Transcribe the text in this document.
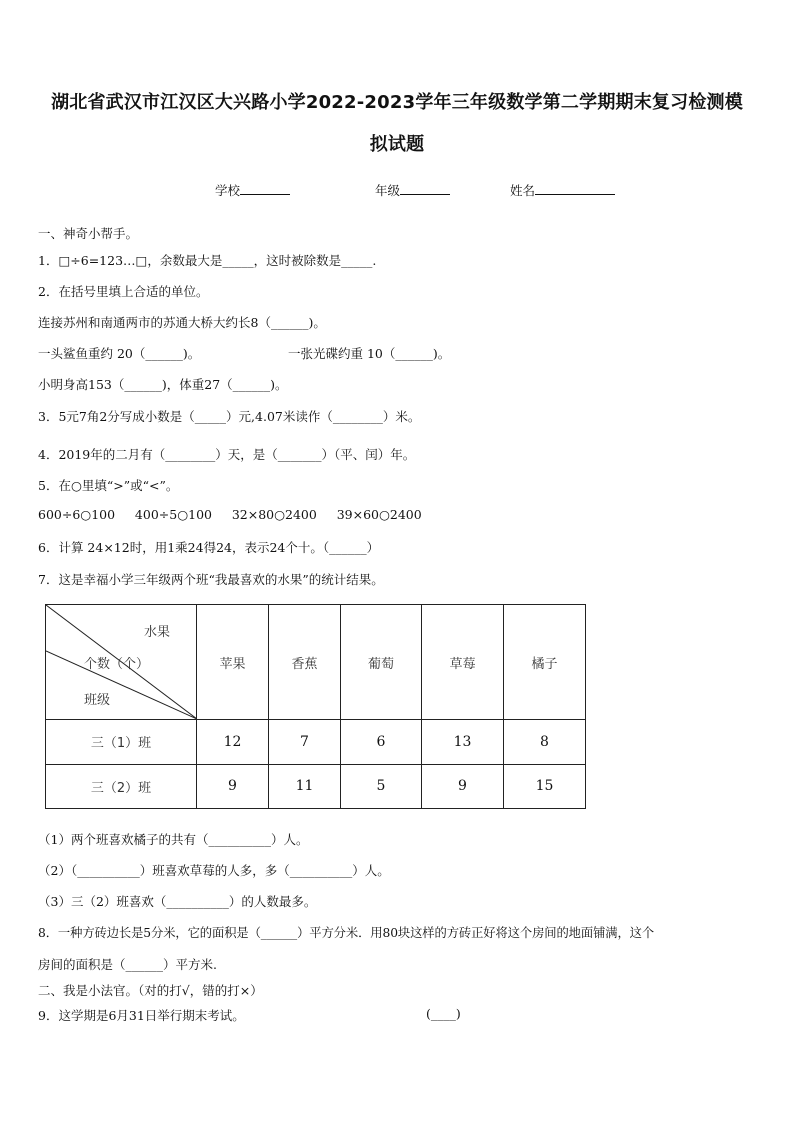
湖北省武汉市江汉区大兴路小学2022-2023学年三年级数学第二学期期末复习检测模
拟试题
学校	年级	姓名
一、神奇小帮手。
1．□÷6=123…□，余数最大是_____，这时被除数是_____.
2．在括号里填上合适的单位。
连接苏州和南通两市的苏通大桥大约长8（______)。
一头鲨鱼重约 20（______)。	一张光碟约重 10（______)。
小明身高153（______)，体重27（______)。
3．5元7角2分写成小数是（_____）元,4.07米读作（________）米。
4．2019年的二月有（________）天，是（_______）（平、闰）年。
5．在○里填“>”或“<”。
600÷6○100     400÷5○100     32×80○2400     39×60○2400
6．计算 24×12时，用1乘24得24，表示24个十。（______）
7．这是幸福小学三年级两个班“我最喜欢的水果”的统计结果。
水果
个数（个）
班级	苹果	香蕉	葡萄	草莓	橘子
三（1）班	12	7	6	13	8
三（2）班	9	11	5	9	15
（1）两个班喜欢橘子的共有（__________）人。
（2）（__________）班喜欢草莓的人多，多（__________）人。
（3）三（2）班喜欢（__________）的人数最多。
8．一种方砖边长是5分米，它的面积是（______）平方分米．用80块这样的方砖正好将这个房间的地面铺满，这个
房间的面积是（______）平方米.
二、我是小法官。（对的打√，错的打×）
9．这学期是6月31日举行期末考试。	(____)
